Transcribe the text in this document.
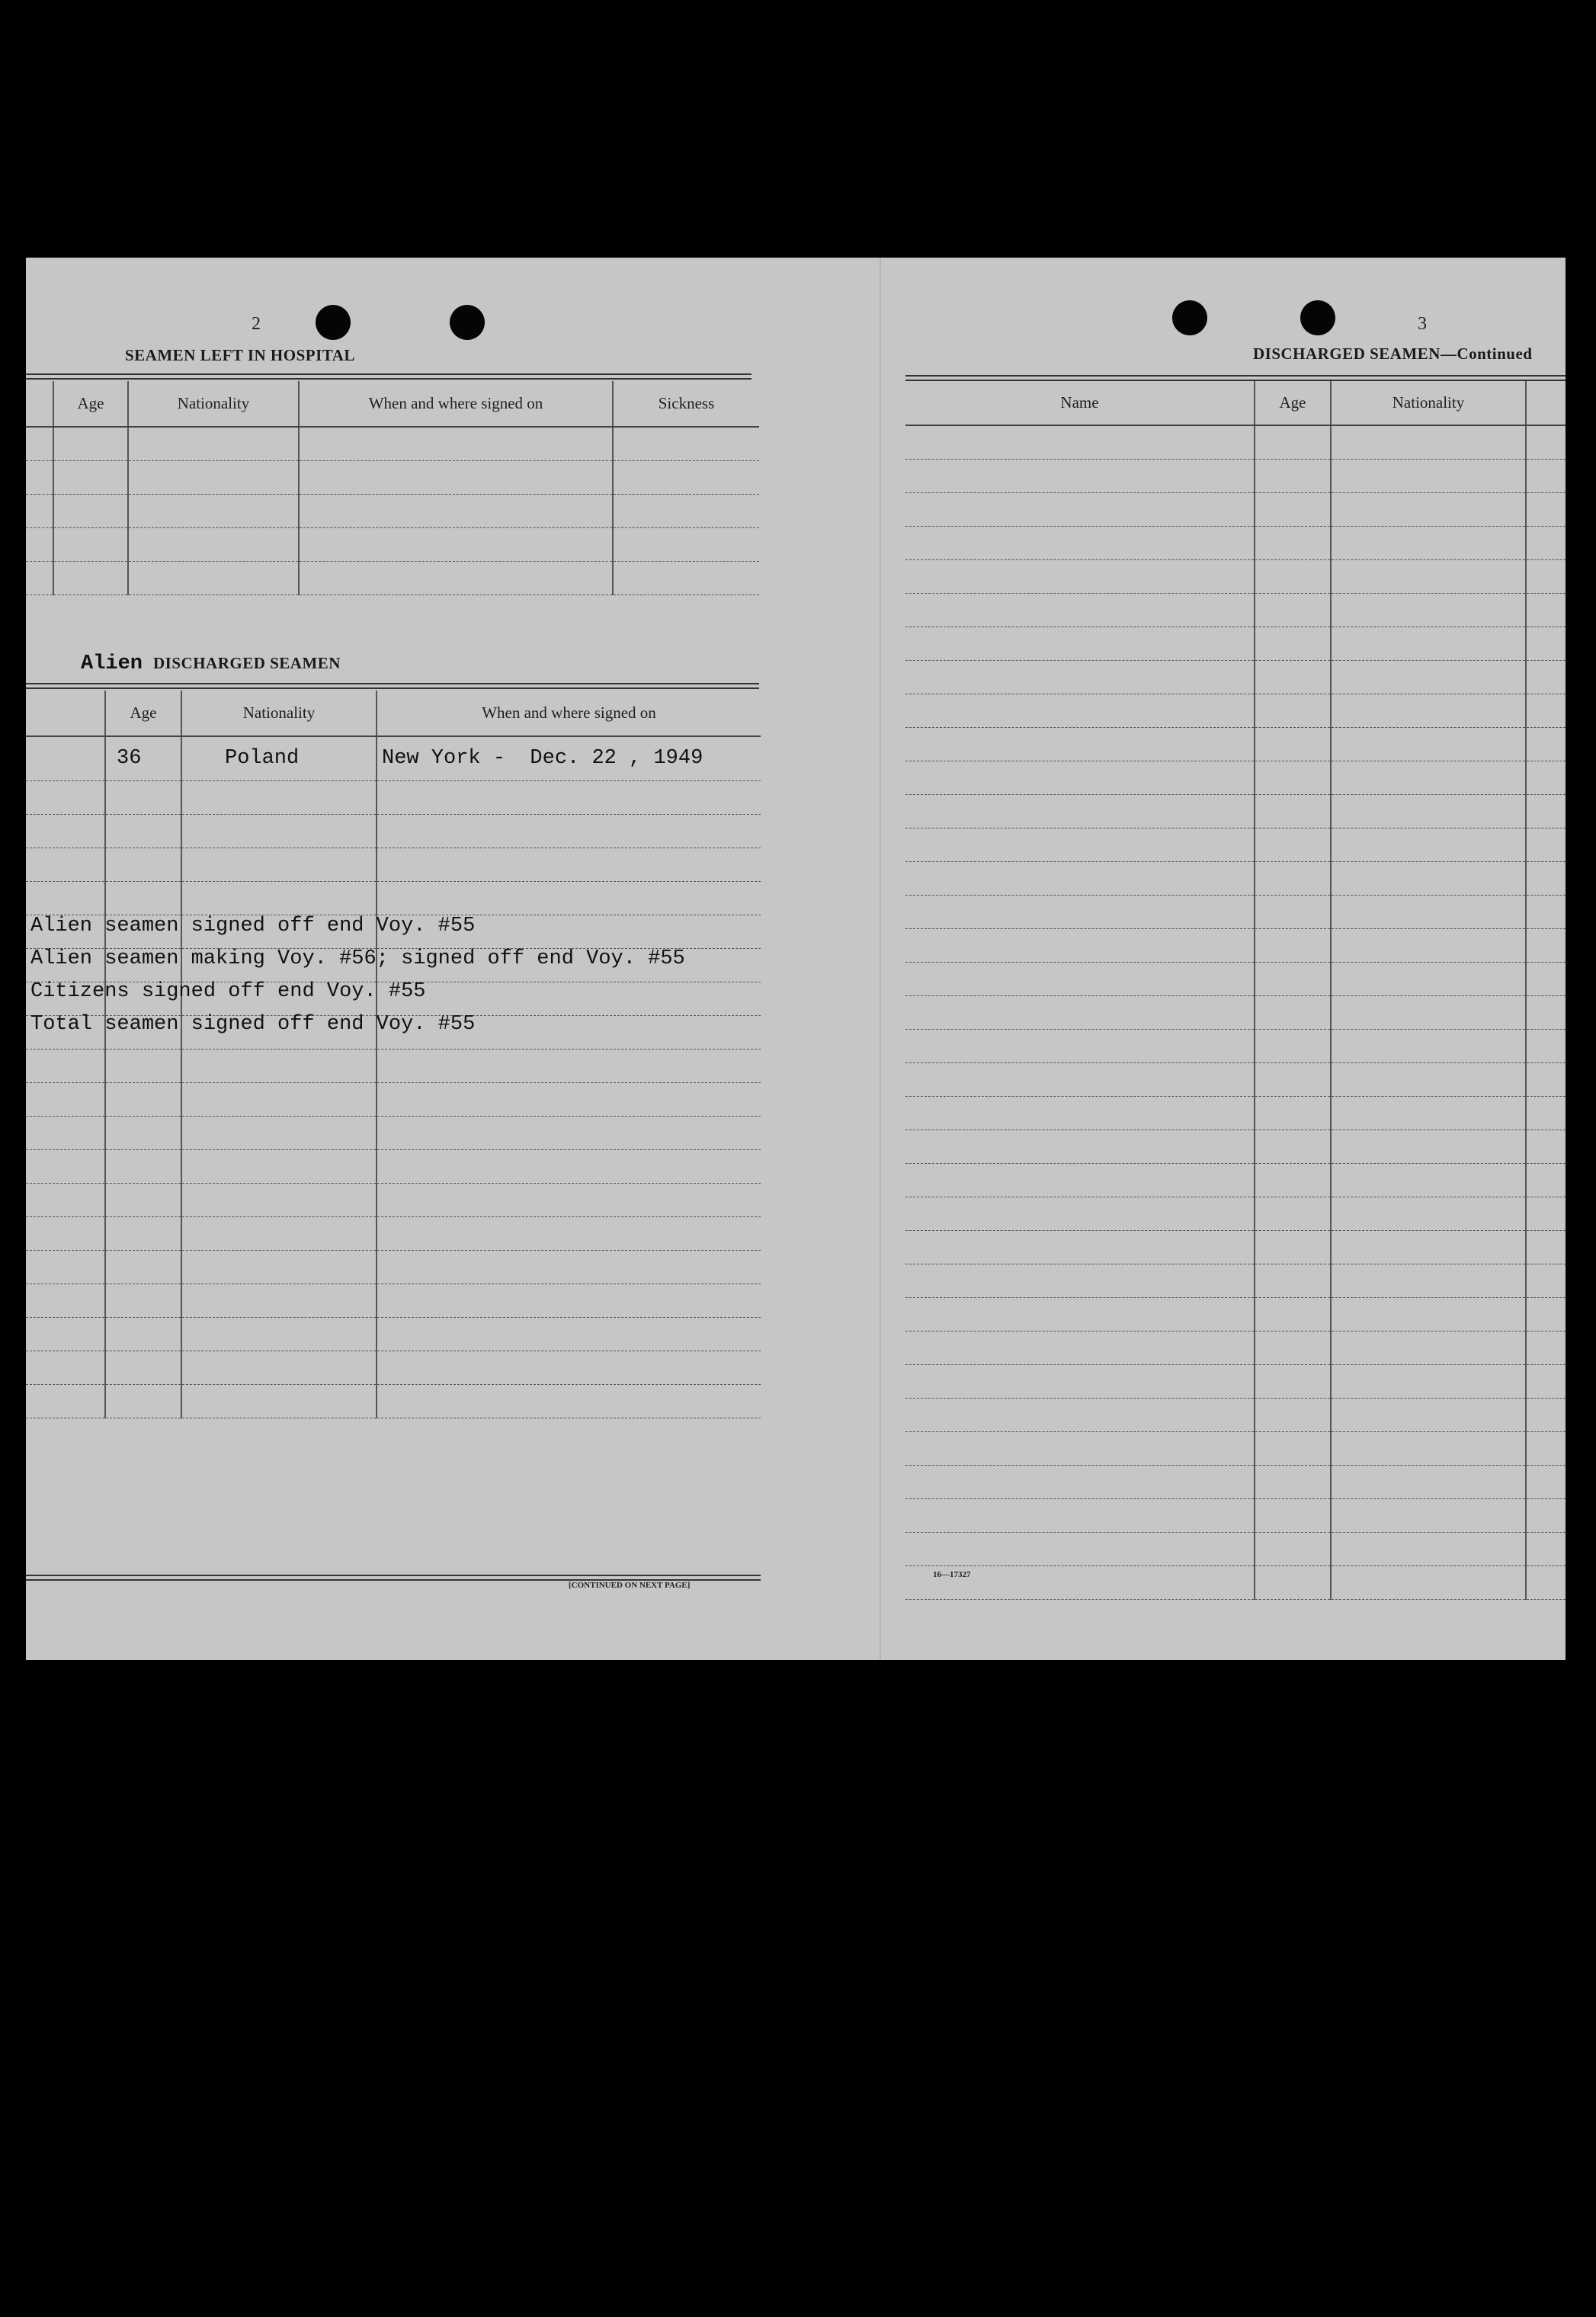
2
SEAMEN LEFT IN HOSPITAL
	Age	Nationality	When and where signed on	Sickness

Alien DISCHARGED SEAMEN
	Age	Nationality	When and where signed on
	36	Poland	New York -  Dec. 22 , 1949

Alien seamen signed off end Voy. #55
Alien seamen making Voy. #56; signed off end Voy. #55
Citizens signed off end Voy. #55
Total seamen signed off end Voy. #55
[CONTINUED ON NEXT PAGE]
3
DISCHARGED SEAMEN—Continued
Name	Age	Nationality	

16—17327
